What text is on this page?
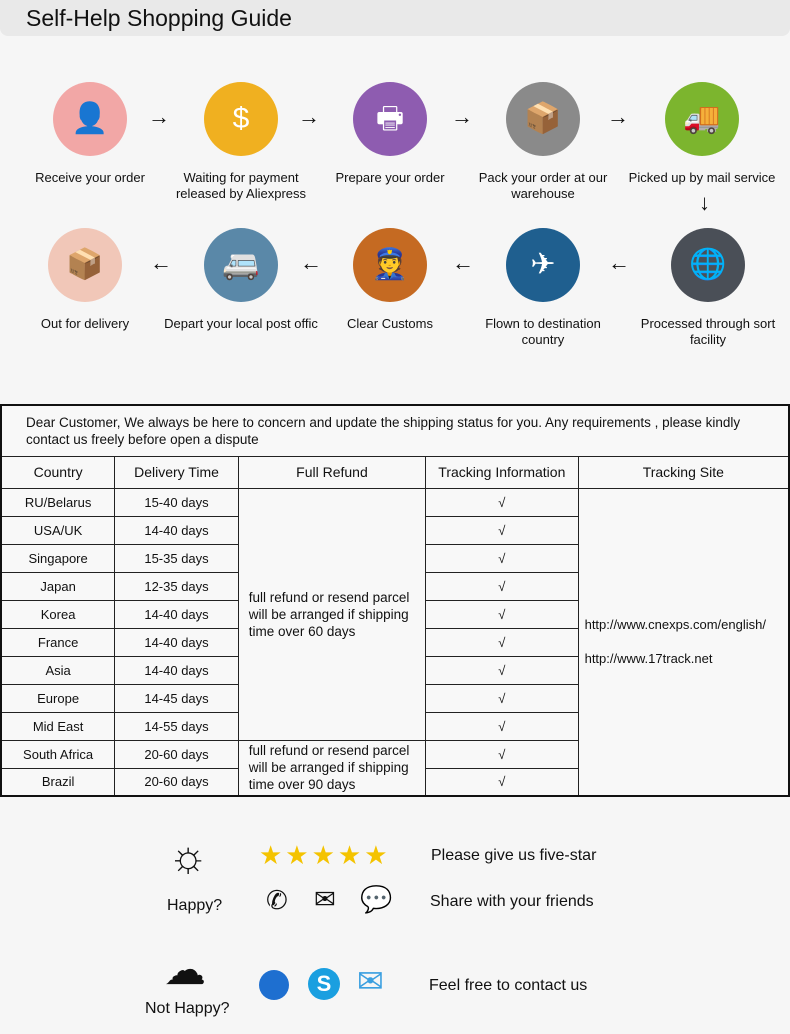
Self-Help Shopping Guide
👤
Receive your order
$
Waiting for payment released by Aliexpress
🖶
Prepare your order
📦
Pack your order at our warehouse
🚚
Picked up by mail service
🌐
Processed through sort facility
✈
Flown to destination country
👮
Clear Customs
🚐
Depart your local post offic
📦
Out for delivery
→	→	→	→
↓
←
←
←
←
Dear Customer, We always be here to concern and update the shipping status for you. Any requirements , please kindly contact us freely before open a dispute				
Country	Delivery Time	Full Refund	Tracking Information	Tracking Site
RU/Belarus	15-40 days	full refund or resend parcel will be arranged if shipping time over 60 days	√	http://www.cnexps.com/english/
http://www.17track.net

USA/UK	14-40 days		√	
Singapore	15-35 days		√	
Japan	12-35 days		√	
Korea	14-40 days		√	
France	14-40 days		√	
Asia	14-40 days		√	
Europe	14-45 days		√	
Mid East	14-55 days		√	
South Africa	20-60 days	full refund or resend parcel will be arranged if shipping time over 90 days	√	
Brazil	20-60 days		√	
☼
Happy?
★★★★★	Please give us five-star
✆ ✉ 💬 Share with your friends
☁
Not Happy?
S ✉	Feel free to contact us
